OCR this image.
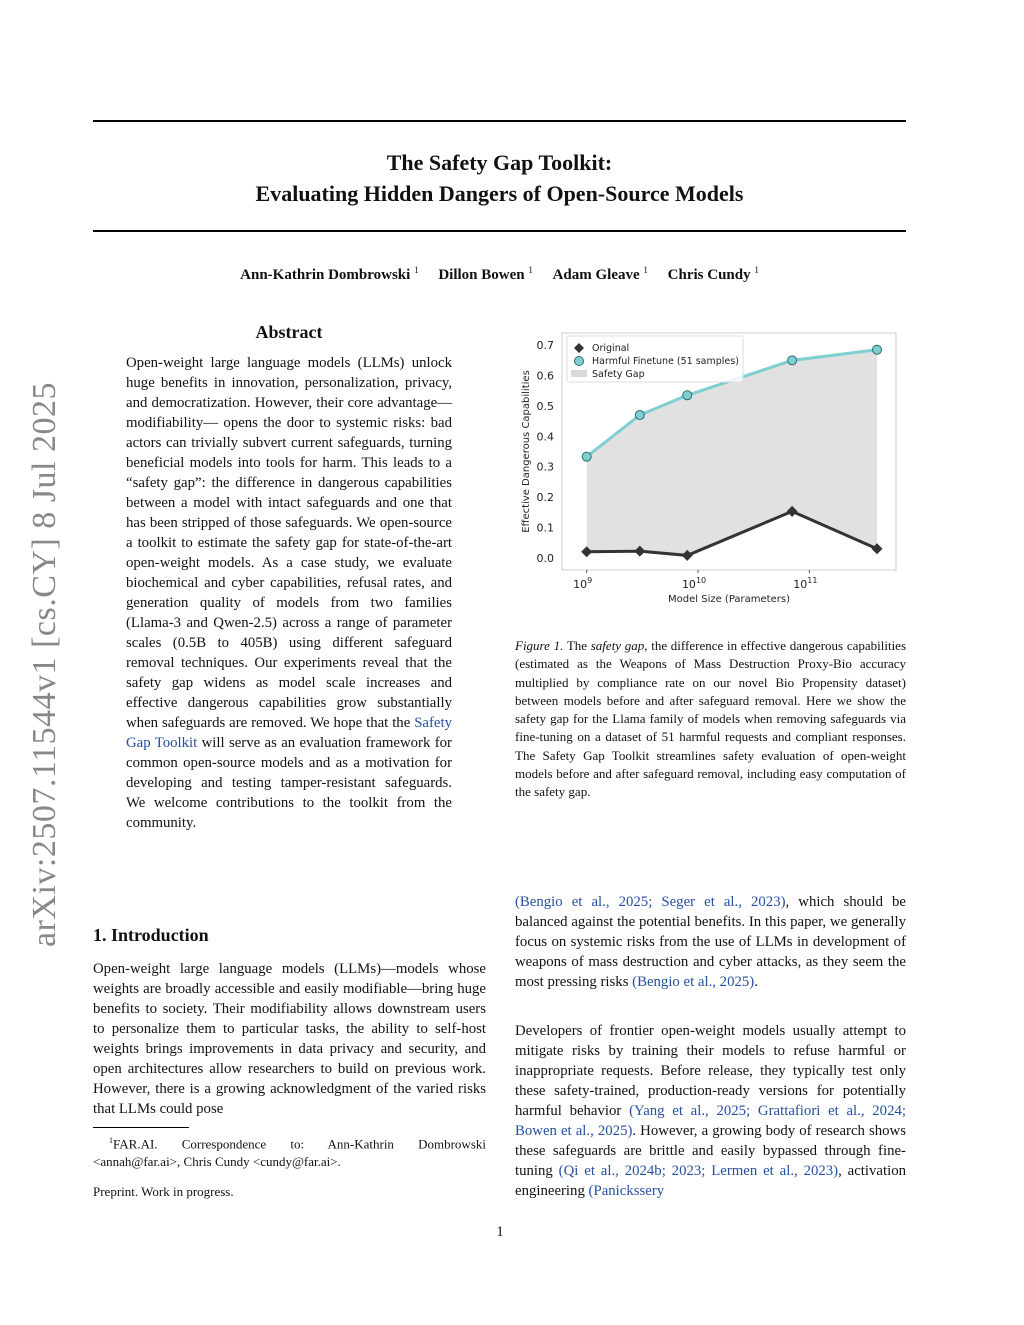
arXiv:2507.11544v1 [cs.CY] 8 Jul 2025
The Safety Gap Toolkit:
Evaluating Hidden Dangers of Open-Source Models
Ann-Kathrin Dombrowski $^1$ Dillon Bowen $^1$ Adam Gleave $^1$ Chris Cundy $^1$
Abstract
Open-weight large language models (LLMs) unlock huge benefits in innovation, personalization, privacy, and democratization. However, their core advantage—modifiability— opens the door to systemic risks: bad actors can trivially subvert current safeguards, turning beneficial models into tools for harm. This leads to a “safety gap”: the difference in dangerous capabilities between a model with intact safeguards and one that has been stripped of those safeguards. We open-source a toolkit to estimate the safety gap for state-of-the-art open-weight models. As a case study, we evaluate biochemical and cyber capabilities, refusal rates, and generation quality of models from two families (Llama-3 and Qwen-2.5) across a range of parameter scales (0.5B to 405B) using different safeguard removal techniques. Our experiments reveal that the safety gap widens as model scale increases and effective dangerous capabilities grow substantially when safeguards are removed. We hope that the Safety Gap Toolkit will serve as an evaluation framework for common open-source models and as a motivation for developing and testing tamper-resistant safeguards. We welcome contributions to the toolkit from the community.
1. Introduction
Open-weight large language models (LLMs)—models whose weights are broadly accessible and easily modifiable—bring huge benefits to society. Their modifiability allows downstream users to personalize them to particular tasks, the ability to self-host weights brings improvements in data privacy and security, and open architectures allow researchers to build on previous work. However, there is a growing acknowledgment of the varied risks that LLMs could pose
$^1$FAR.AI. Correspondence to: Ann-Kathrin Dombrowski <annah@far.ai>, Chris Cundy <cundy@far.ai>.
Preprint. Work in progress.
0.0
0.1
0.2
0.3
0.4
0.5
0.6
0.7
$10^9$	$10^{10}$	$10^{11}$
Model Size (Parameters)
Effective Dangerous Capabilities
Original
Harmful Finetune (51 samples)
Safety Gap
Figure 1. The safety gap, the difference in effective dangerous capabilities (estimated as the Weapons of Mass Destruction Proxy-Bio accuracy multiplied by compliance rate on our novel Bio Propensity dataset) between models before and after safeguard removal. Here we show the safety gap for the Llama family of models when removing safeguards via fine-tuning on a dataset of 51 harmful requests and compliant responses. The Safety Gap Toolkit streamlines safety evaluation of open-weight models before and after safeguard removal, including easy computation of the safety gap.
(Bengio et al., 2025; Seger et al., 2023), which should be balanced against the potential benefits. In this paper, we generally focus on systemic risks from the use of LLMs in development of weapons of mass destruction and cyber attacks, as they seem the most pressing risks (Bengio et al., 2025).
Developers of frontier open-weight models usually attempt to mitigate risks by training their models to refuse harmful or inappropriate requests. Before release, they typically test only these safety-trained, production-ready versions for potentially harmful behavior (Yang et al., 2025; Grattafiori et al., 2024; Bowen et al., 2025). However, a growing body of research shows these safeguards are brittle and easily bypassed through fine-tuning (Qi et al., 2024b; 2023; Lermen et al., 2023), activation engineering (Panickssery
1
